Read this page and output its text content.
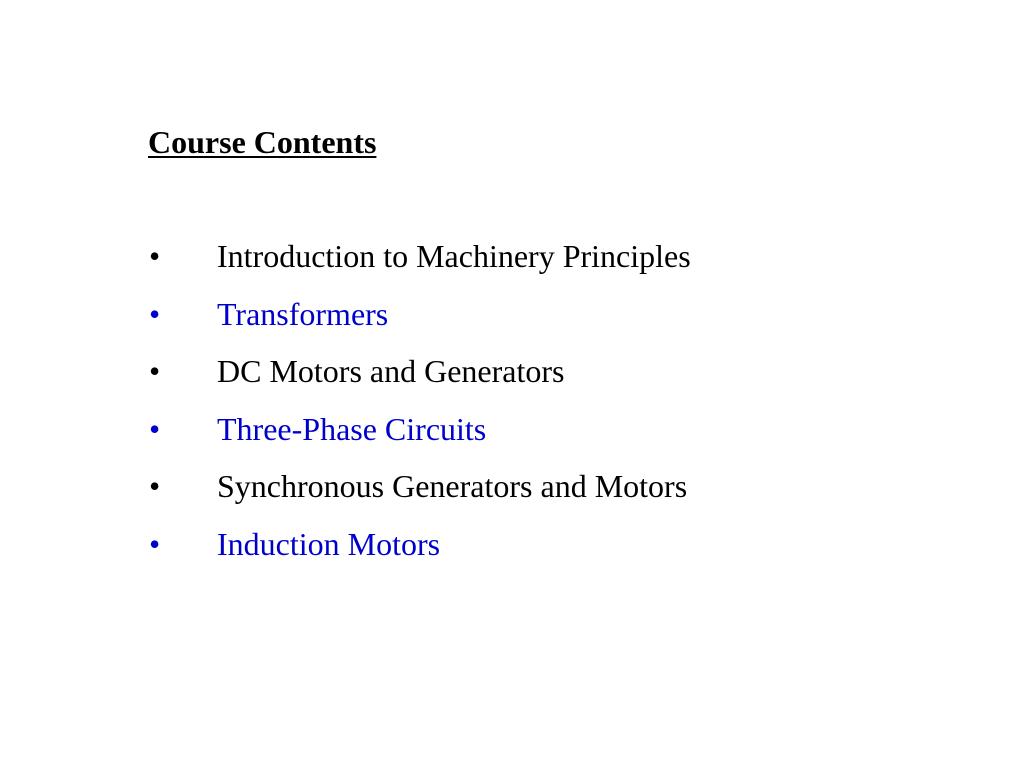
Course Contents
•	Introduction to Machinery Principles
•	Transformers
•	DC Motors and Generators
•	Three-Phase Circuits
•	Synchronous Generators and Motors
•	Induction Motors
